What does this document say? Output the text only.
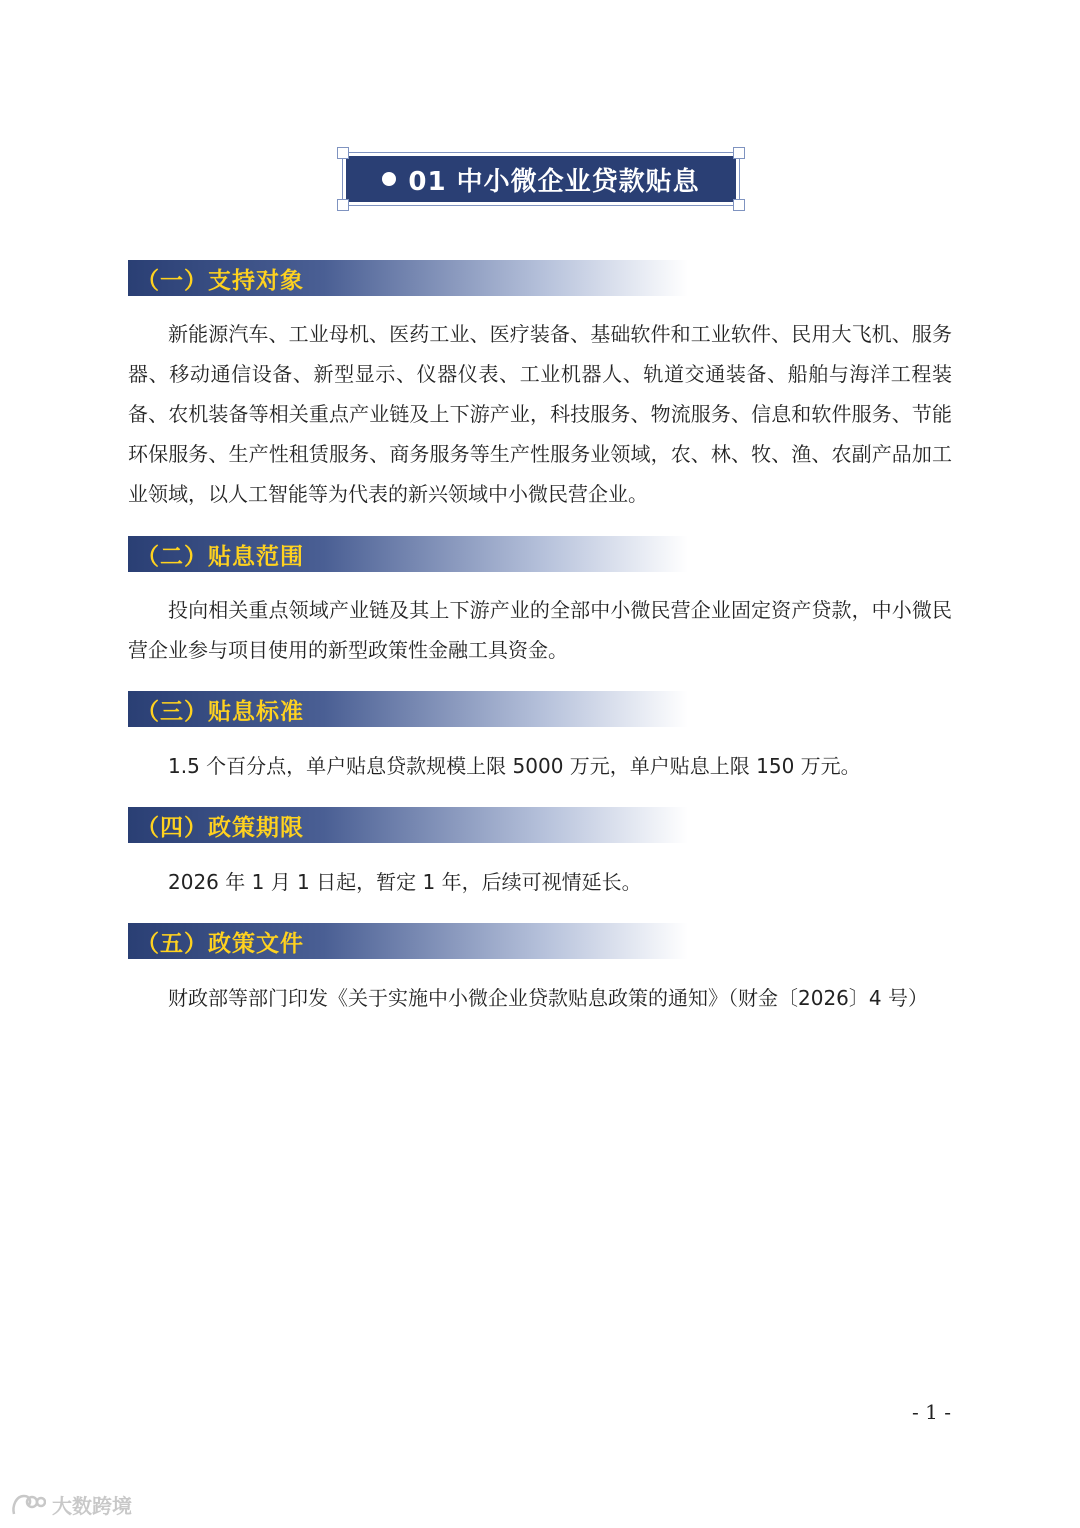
01 中小微企业贷款贴息
（一）支持对象

新能源汽车、工业母机、医药工业、医疗装备、基础软件和工业软件、民用大飞机、服务器、移动通信设备、新型显示、仪器仪表、工业机器人、轨道交通装备、船舶与海洋工程装备、农机装备等相关重点产业链及上下游产业，科技服务、物流服务、信息和软件服务、节能环保服务、生产性租赁服务、商务服务等生产性服务业领域，农、林、牧、渔、农副产品加工业领域，以人工智能等为代表的新兴领域中小微民营企业。

（二）贴息范围

投向相关重点领域产业链及其上下游产业的全部中小微民营企业固定资产贷款，中小微民营企业参与项目使用的新型政策性金融工具资金。

（三）贴息标准

1.5 个百分点，单户贴息贷款规模上限 5000 万元，单户贴息上限 150 万元。

（四）政策期限

2026 年 1 月 1 日起，暂定 1 年，后续可视情延长。

（五）政策文件

财政部等部门印发《关于实施中小微企业贷款贴息政策的通知》（财金〔2026〕4 号）

- 1 -
大数跨境
